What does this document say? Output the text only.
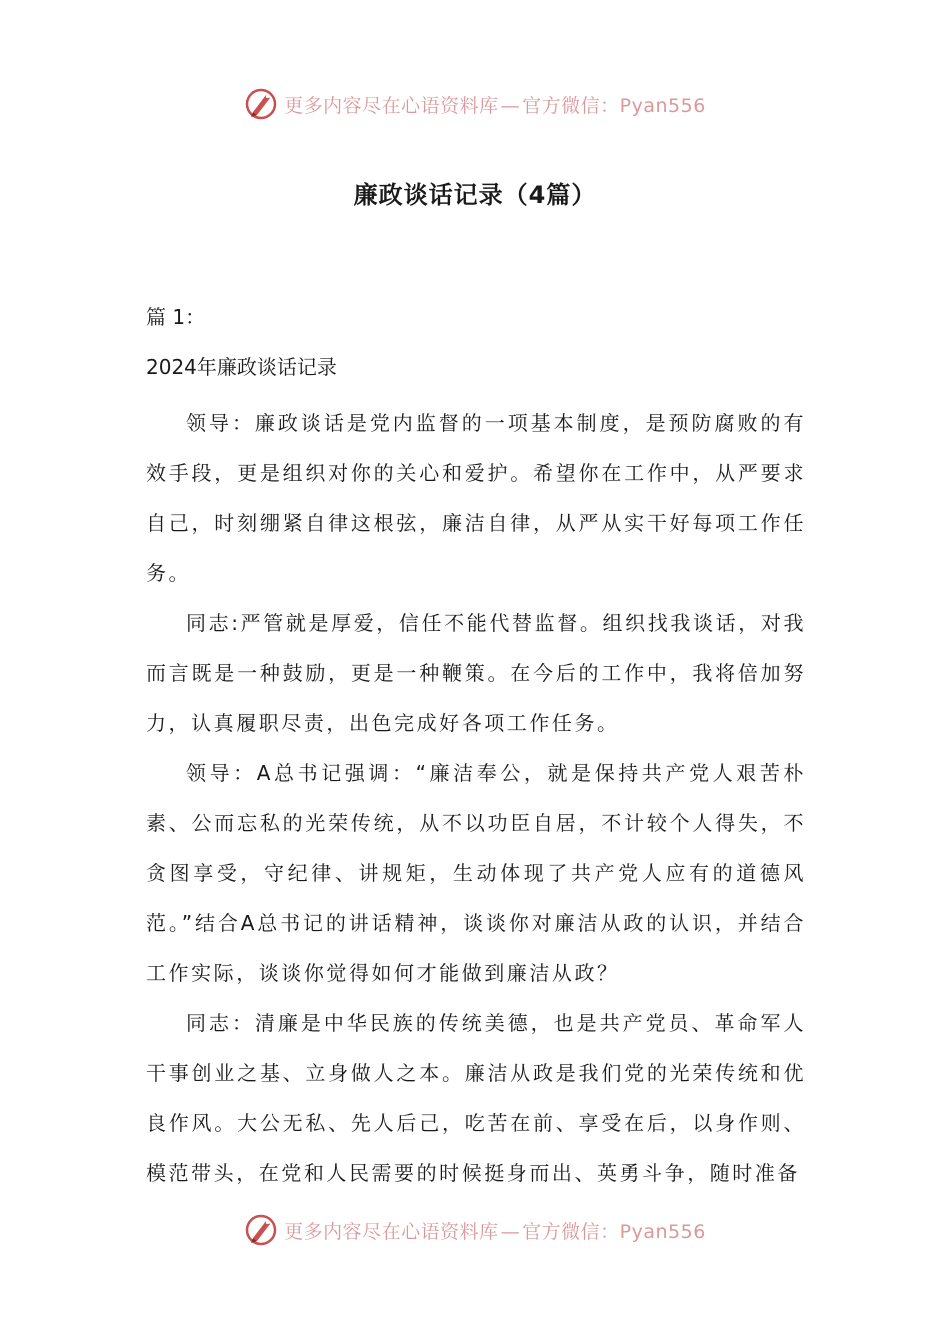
更多内容尽在心语资料库 — 官方微信：Pyan556
廉政谈话记录（4篇）
篇 1：
2024年廉政谈话记录

领导：廉政谈话是党内监督的一项基本制度，是预防腐败的有效手段，更是组织对你的关心和爱护。希望你在工作中，从严要求自己，时刻绷紧自律这根弦，廉洁自律，从严从实干好每项工作任务。

同志:严管就是厚爱，信任不能代替监督。组织找我谈话，对我而言既是一种鼓励，更是一种鞭策。在今后的工作中，我将倍加努力，认真履职尽责，出色完成好各项工作任务。

领导：A总书记强调：“廉洁奉公，就是保持共产党人艰苦朴素、公而忘私的光荣传统，从不以功臣自居，不计较个人得失，不贪图享受，守纪律、讲规矩，生动体现了共产党人应有的道德风范。”结合A总书记的讲话精神，谈谈你对廉洁从政的认识，并结合工作实际，谈谈你觉得如何才能做到廉洁从政？

同志：清廉是中华民族的传统美德，也是共产党员、革命军人干事创业之基、立身做人之本。廉洁从政是我们党的光荣传统和优良作风。大公无私、先人后己，吃苦在前、享受在后，以身作则、模范带头，在党和人民需要的时候挺身而出、英勇斗争，随时准备

更多内容尽在心语资料库 — 官方微信：Pyan556
